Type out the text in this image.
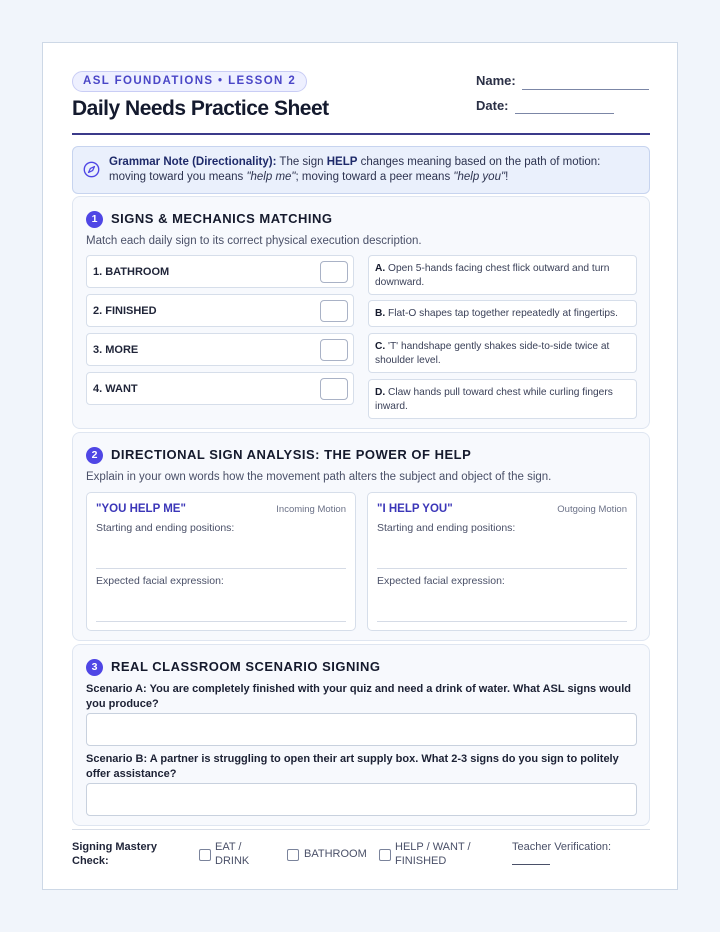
ASL FOUNDATIONS • LESSON 2
Daily Needs Practice Sheet
Name:
Date:
Grammar Note (Directionality): The sign HELP changes meaning based on the path of motion: moving toward you means "help me"; moving toward a peer means "help you"!
1	SIGNS & MECHANICS MATCHING
Match each daily sign to its correct physical execution description.
1. BATHROOM
2. FINISHED
3. MORE
4. WANT
A. Open 5-hands facing chest flick outward and turn downward.
B. Flat-O shapes tap together repeatedly at fingertips.
C. 'T' handshape gently shakes side-to-side twice at shoulder level.
D. Claw hands pull toward chest while curling fingers inward.
2	DIRECTIONAL SIGN ANALYSIS: THE POWER OF HELP
Explain in your own words how the movement path alters the subject and object of the sign.
"YOU HELP ME"	Incoming Motion
Starting and ending positions:
Expected facial expression:
"I HELP YOU"	Outgoing Motion
Starting and ending positions:
Expected facial expression:
3	REAL CLASSROOM SCENARIO SIGNING
Scenario A: You are completely finished with your quiz and need a drink of water. What ASL signs would you produce?
Scenario B: A partner is struggling to open their art supply box. What 2-3 signs do you sign to politely offer assistance?
Signing Mastery Check:
EAT / DRINK
BATHROOM
HELP / WANT / FINISHED
Teacher Verification:
